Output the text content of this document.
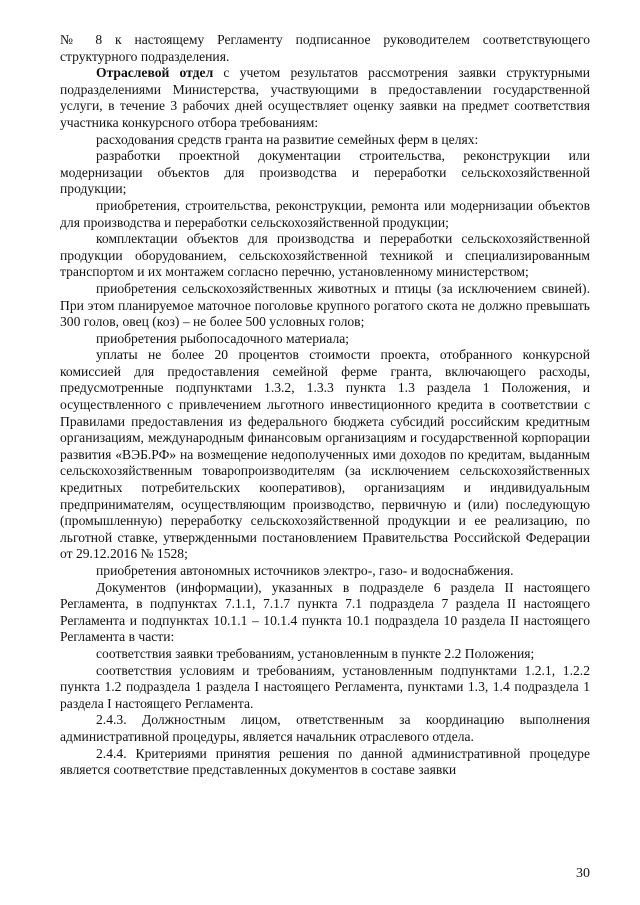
№ 8 к настоящему Регламенту подписанное руководителем соответствующего структурного подразделения.

Отраслевой отдел с учетом результатов рассмотрения заявки структурными подразделениями Министерства, участвующими в предоставлении государственной услуги, в течение 3 рабочих дней осуществляет оценку заявки на предмет соответствия участника конкурсного отбора требованиям:

расходования средств гранта на развитие семейных ферм в целях:

разработки проектной документации строительства, реконструкции или модернизации объектов для производства и переработки сельскохозяйственной продукции;

приобретения, строительства, реконструкции, ремонта или модернизации объектов для производства и переработки сельскохозяйственной продукции;

комплектации объектов для производства и переработки сельскохозяйственной продукции оборудованием, сельскохозяйственной техникой и специализированным транспортом и их монтажем согласно перечню, установленному министерством;

приобретения сельскохозяйственных животных и птицы (за исключением свиней). При этом планируемое маточное поголовье крупного рогатого скота не должно превышать 300 голов, овец (коз) – не более 500 условных голов;

приобретения рыбопосадочного материала;

уплаты не более 20 процентов стоимости проекта, отобранного конкурсной комиссией для предоставления семейной ферме гранта, включающего расходы, предусмотренные подпунктами 1.3.2, 1.3.3 пункта 1.3 раздела 1 Положения, и осуществленного с привлечением льготного инвестиционного кредита в соответствии с Правилами предоставления из федерального бюджета субсидий российским кредитным организациям, международным финансовым организациям и государственной корпорации развития «ВЭБ.РФ» на возмещение недополученных ими доходов по кредитам, выданным сельскохозяйственным товаропроизводителям (за исключением сельскохозяйственных кредитных потребительских кооперативов), организациям и индивидуальным предпринимателям, осуществляющим производство, первичную и (или) последующую (промышленную) переработку сельскохозяйственной продукции и ее реализацию, по льготной ставке, утвержденными постановлением Правительства Российской Федерации от 29.12.2016 № 1528;

приобретения автономных источников электро-, газо- и водоснабжения.

Документов (информации), указанных в подразделе 6 раздела II настоящего Регламента, в подпунктах 7.1.1, 7.1.7 пункта 7.1 подраздела 7 раздела II настоящего Регламента и подпунктах 10.1.1 – 10.1.4 пункта 10.1 подраздела 10 раздела II настоящего Регламента в части:

соответствия заявки требованиям, установленным в пункте 2.2 Положения;

соответствия условиям и требованиям, установленным подпунктами 1.2.1, 1.2.2 пункта 1.2 подраздела 1 раздела I настоящего Регламента, пунктами 1.3, 1.4 подраздела 1 раздела I настоящего Регламента.

2.4.3. Должностным лицом, ответственным за координацию выполнения административной процедуры, является начальник отраслевого отдела.

2.4.4. Критериями принятия решения по данной административной процедуре является соответствие представленных документов в составе заявки

30
